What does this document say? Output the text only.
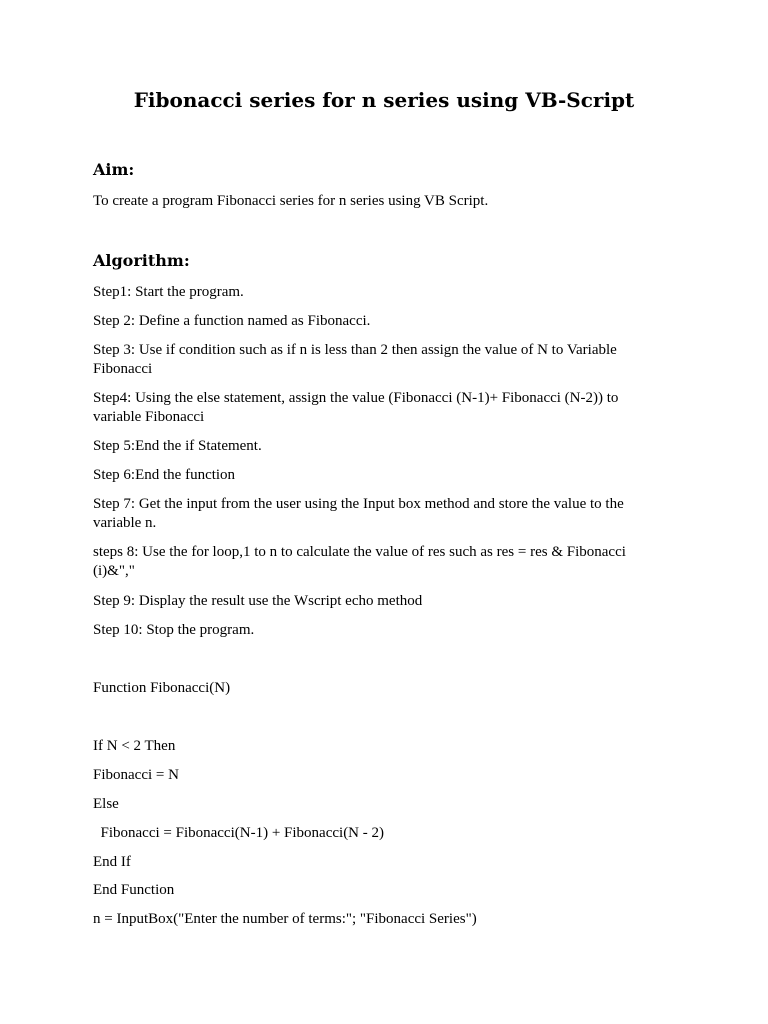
Fibonacci series for n series using VB-Script
Aim:
To create a program Fibonacci series for n series using VB Script.
Algorithm:
Step1: Start the program.
Step 2: Define a function named as Fibonacci.
Step 3: Use if condition such as if n is less than 2 then assign the value of N to Variable Fibonacci
Step4: Using the else statement, assign the value (Fibonacci (N-1)+ Fibonacci (N-2)) to variable Fibonacci
Step 5:End the if Statement.
Step 6:End the function
Step 7: Get the input from the user using the Input box method and store the value to the variable n.
steps 8: Use the for loop,1 to n to calculate the value of res such as res = res & Fibonacci (i)&","
Step 9: Display the result use the Wscript echo method
Step 10: Stop the program.
Function Fibonacci(N)
If N < 2 Then
Fibonacci = N
Else
Fibonacci = Fibonacci(N-1) + Fibonacci(N - 2)
End If
End Function
n = InputBox("Enter the number of terms:"; "Fibonacci Series")
